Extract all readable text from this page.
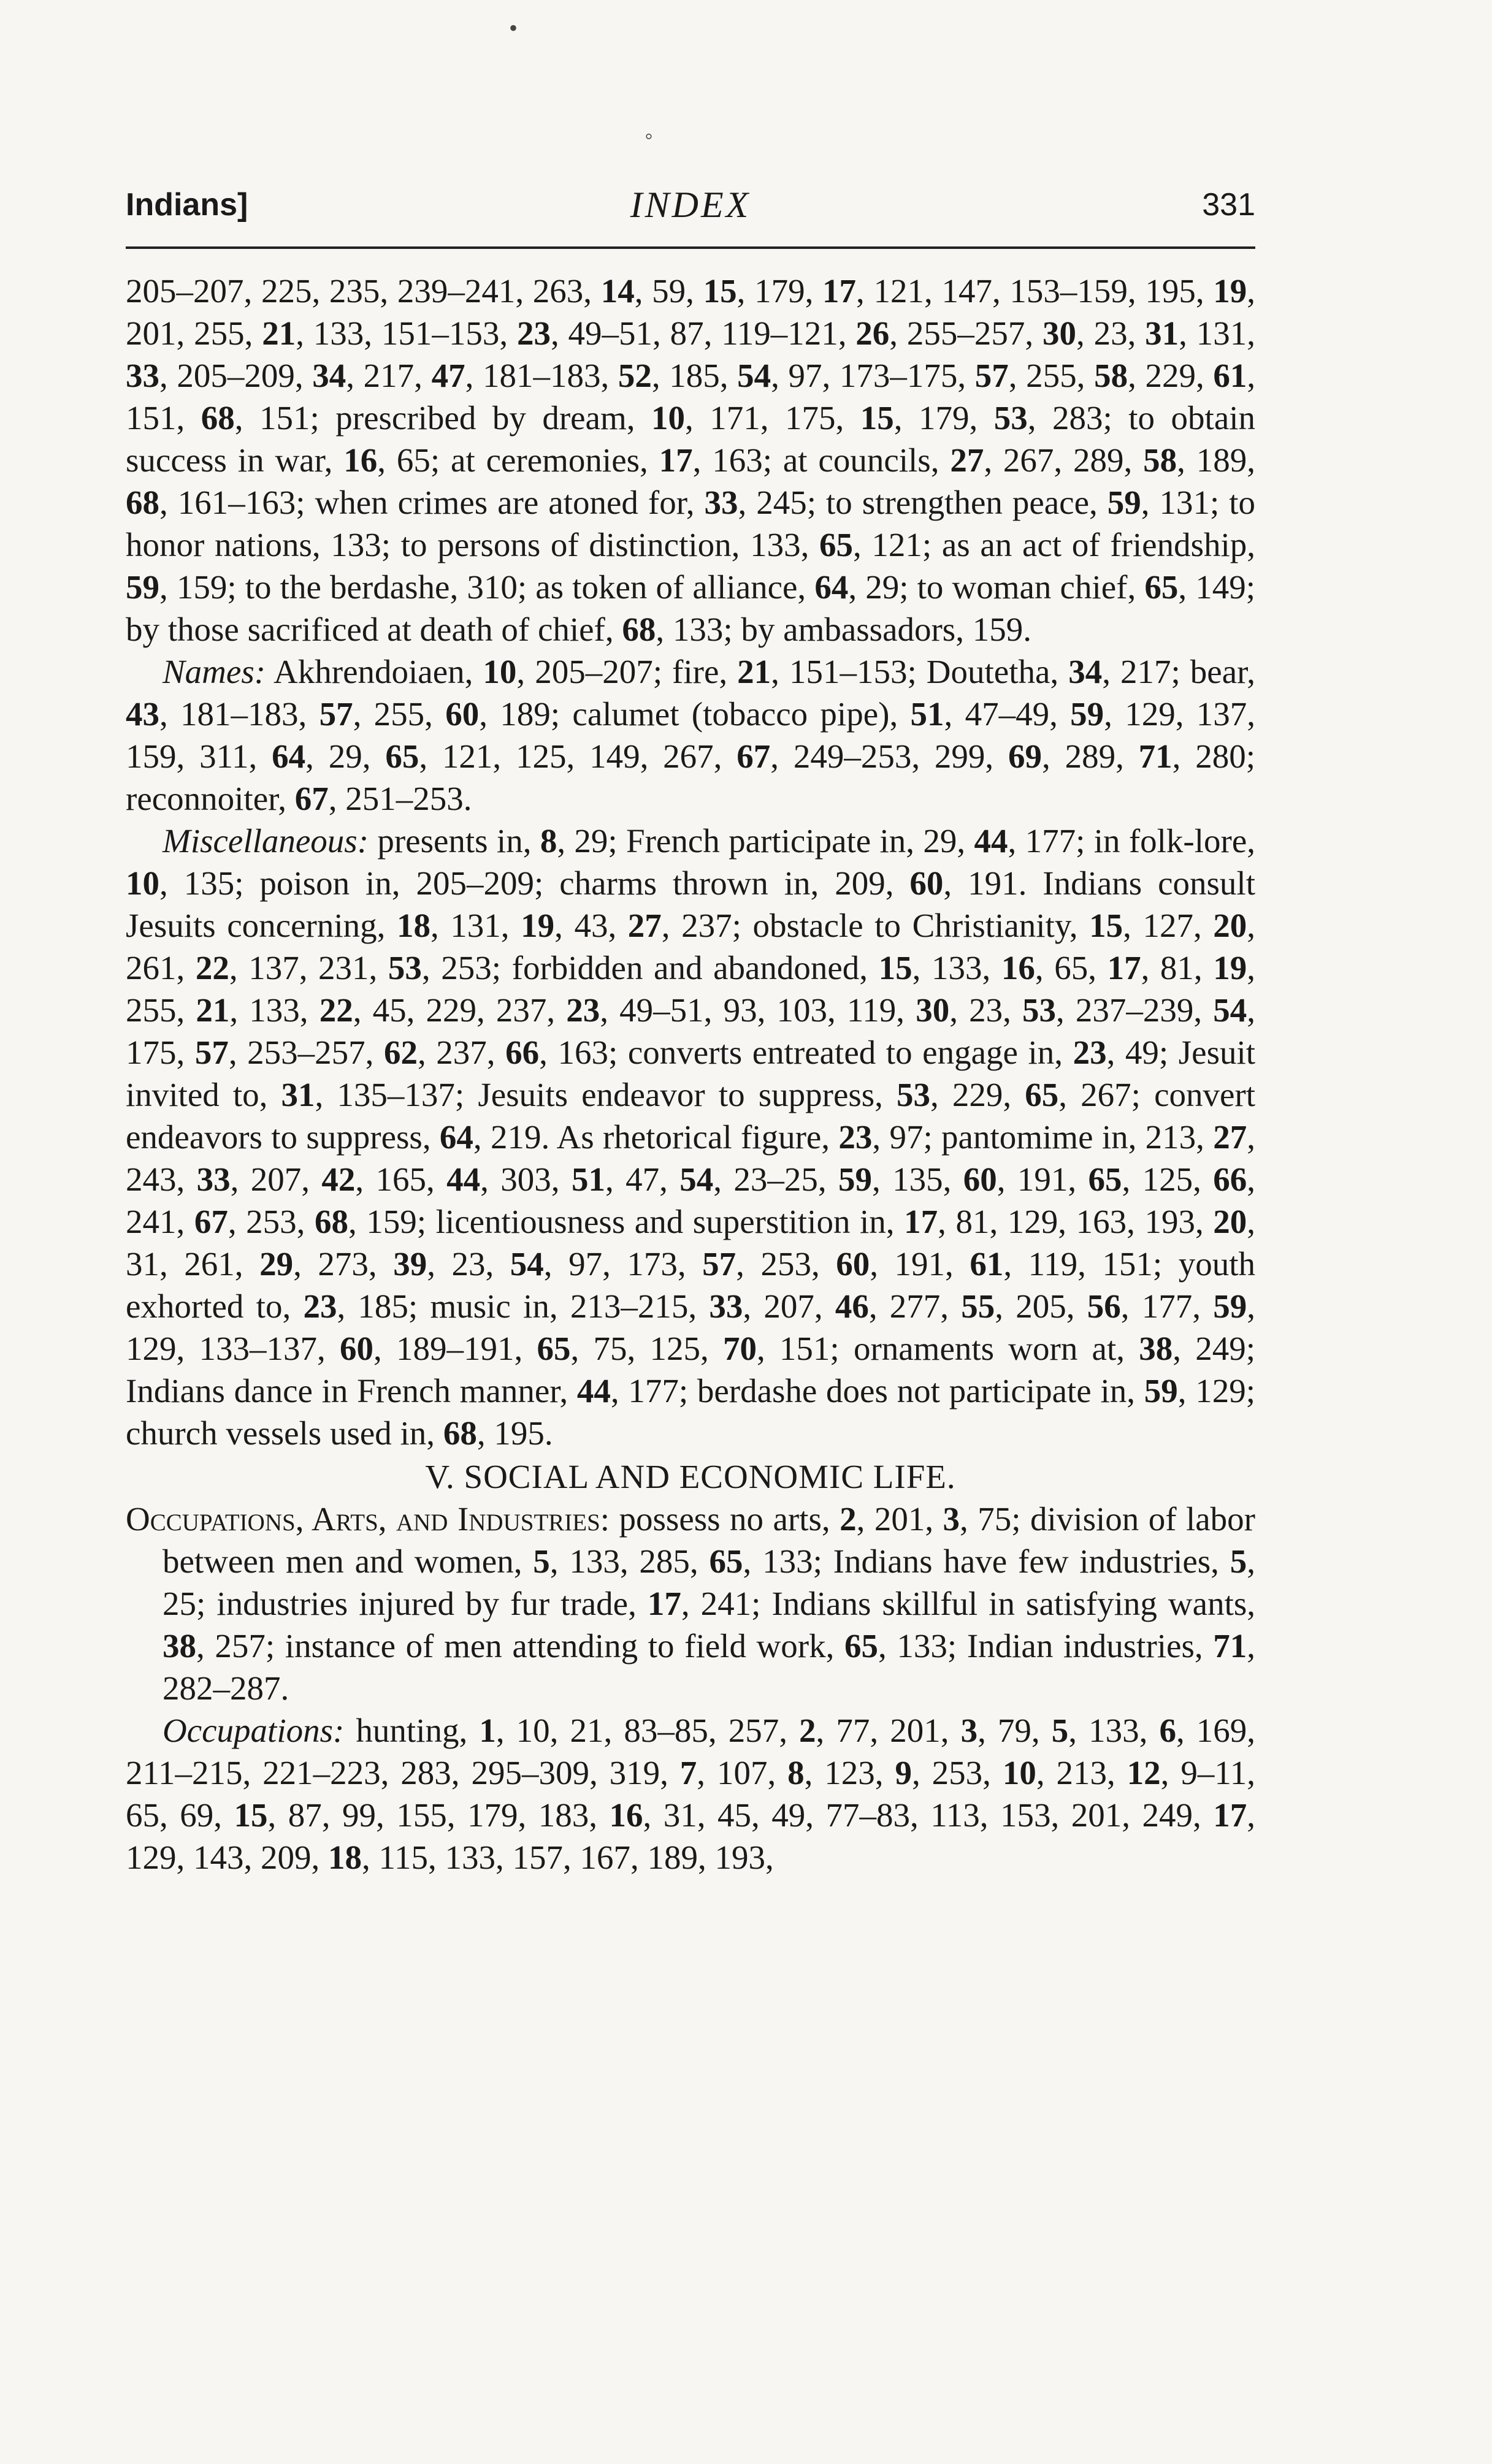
•
°
Indians]	INDEX	331

205–207, 225, 235, 239–241, 263, 14, 59, 15, 179, 17, 121, 147, 153–159, 195, 19, 201, 255, 21, 133, 151–153, 23, 49–51, 87, 119–121, 26, 255–257, 30, 23, 31, 131, 33, 205–209, 34, 217, 47, 181–183, 52, 185, 54, 97, 173–175, 57, 255, 58, 229, 61, 151, 68, 151; prescribed by dream, 10, 171, 175, 15, 179, 53, 283; to obtain success in war, 16, 65; at ceremonies, 17, 163; at councils, 27, 267, 289, 58, 189, 68, 161–163; when crimes are atoned for, 33, 245; to strengthen peace, 59, 131; to honor nations, 133; to persons of distinction, 133, 65, 121; as an act of friendship, 59, 159; to the berdashe, 310; as token of alliance, 64, 29; to woman chief, 65, 149; by those sacrificed at death of chief, 68, 133; by ambassadors, 159.

Names: Akhrendoiaen, 10, 205–207; fire, 21, 151–153; Doutetha, 34, 217; bear, 43, 181–183, 57, 255, 60, 189; calumet (tobacco pipe), 51, 47–49, 59, 129, 137, 159, 311, 64, 29, 65, 121, 125, 149, 267, 67, 249–253, 299, 69, 289, 71, 280; reconnoiter, 67, 251–253.

Miscellaneous: presents in, 8, 29; French participate in, 29, 44, 177; in folk-lore, 10, 135; poison in, 205–209; charms thrown in, 209, 60, 191. Indians consult Jesuits concerning, 18, 131, 19, 43, 27, 237; obstacle to Christianity, 15, 127, 20, 261, 22, 137, 231, 53, 253; forbidden and abandoned, 15, 133, 16, 65, 17, 81, 19, 255, 21, 133, 22, 45, 229, 237, 23, 49–51, 93, 103, 119, 30, 23, 53, 237–239, 54, 175, 57, 253–257, 62, 237, 66, 163; converts entreated to engage in, 23, 49; Jesuit invited to, 31, 135–137; Jesuits endeavor to suppress, 53, 229, 65, 267; convert endeavors to suppress, 64, 219. As rhetorical figure, 23, 97; pantomime in, 213, 27, 243, 33, 207, 42, 165, 44, 303, 51, 47, 54, 23–25, 59, 135, 60, 191, 65, 125, 66, 241, 67, 253, 68, 159; licentiousness and superstition in, 17, 81, 129, 163, 193, 20, 31, 261, 29, 273, 39, 23, 54, 97, 173, 57, 253, 60, 191, 61, 119, 151; youth exhorted to, 23, 185; music in, 213–215, 33, 207, 46, 277, 55, 205, 56, 177, 59, 129, 133–137, 60, 189–191, 65, 75, 125, 70, 151; ornaments worn at, 38, 249; Indians dance in French manner, 44, 177; berdashe does not participate in, 59, 129; church vessels used in, 68, 195.

V. SOCIAL AND ECONOMIC LIFE.

Occupations, Arts, and Industries: possess no arts, 2, 201, 3, 75; division of labor between men and women, 5, 133, 285, 65, 133; Indians have few industries, 5, 25; industries injured by fur trade, 17, 241; Indians skillful in satisfying wants, 38, 257; instance of men attending to field work, 65, 133; Indian industries, 71, 282–287.

Occupations: hunting, 1, 10, 21, 83–85, 257, 2, 77, 201, 3, 79, 5, 133, 6, 169, 211–215, 221–223, 283, 295–309, 319, 7, 107, 8, 123, 9, 253, 10, 213, 12, 9–11, 65, 69, 15, 87, 99, 155, 179, 183, 16, 31, 45, 49, 77–83, 113, 153, 201, 249, 17, 129, 143, 209, 18, 115, 133, 157, 167, 189, 193,
